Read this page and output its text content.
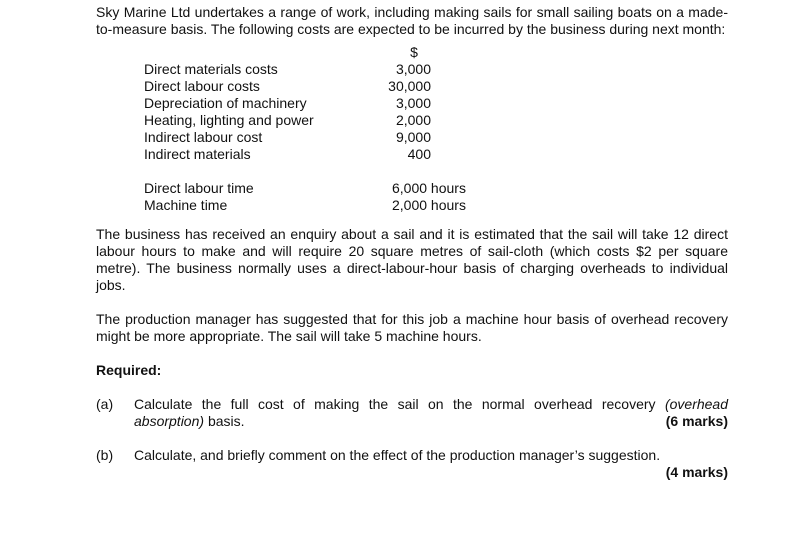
Sky Marine Ltd undertakes a range of work, including making sails for small sailing boats on a made-to-measure basis. The following costs are expected to be incurred by the business during next month:

$
Direct materials costs	3,000
Direct labour costs	30,000
Depreciation of machinery	3,000
Heating, lighting and power	2,000
Indirect labour cost	9,000
Indirect materials	400
Direct labour time	6,000 hours
Machine time	2,000 hours

The business has received an enquiry about a sail and it is estimated that the sail will take 12 direct labour hours to make and will require 20 square metres of sail-cloth (which costs $2 per square metre). The business normally uses a direct-labour-hour basis of charging overheads to individual jobs.

The production manager has suggested that for this job a machine hour basis of overhead recovery might be more appropriate. The sail will take 5 machine hours.

Required:

(a) Calculate the full cost of making the sail on the normal overhead recovery (overhead absorption) basis.	(6 marks)
(b) Calculate, and briefly comment on the effect of the production manager’s suggestion.
(4 marks)
